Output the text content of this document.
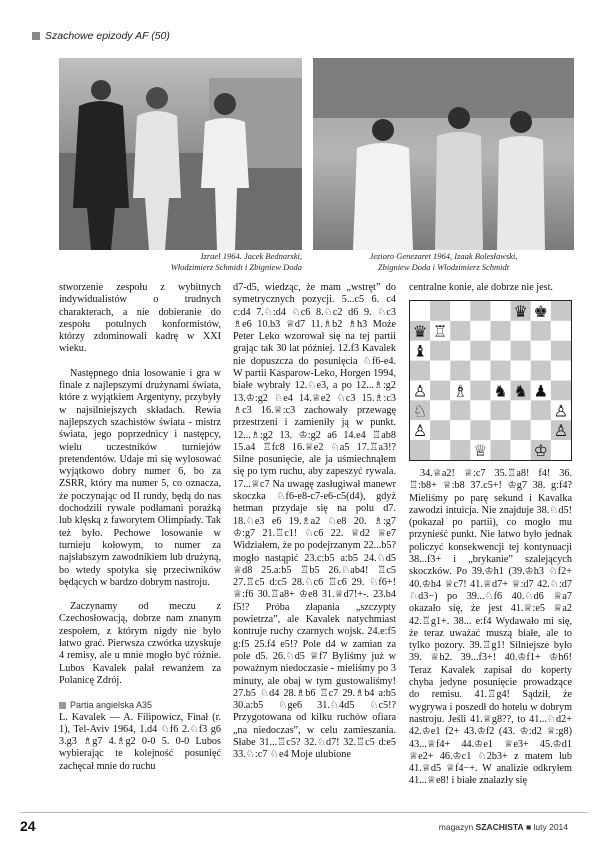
Szachowe epizody AF (50)
Izrael 1964. Jacek Bednarski,
Włodzimierz Schmidt i Zbigniew Doda
Jezioro Genezaret 1964, Izaak Bolesławski,
Zbigniew Doda i Włodzimierz Schmidt

stworzenie zespołu z wybitnych indywidualistów o trudnych charakterach, a nie dobieranie do zespołu potulnych konformistów, którzy zdominowali kadrę w XXI wieku.

Następnego dnia losowanie i gra w finale z najlepszymi drużynami świata, które z wyjątkiem Argentyny, przybyły w najsilniejszych składach. Rewia najlepszych szachistów świata - mistrz świata, jego poprzednicy i następcy, wielu uczestników turniejów pretendentów. Udaje mi się wylosować wyjątkowo dobry numer 6, bo za ZSRR, który ma numer 5, co oznacza, że poczynając od II rundy, będą do nas dochodzili rywale podłamani porażką lub klęską z faworytem Olimpiady. Tak też było. Pechowe losowanie w turnieju kołowym, to numer za najsłabszym zawodnikiem lub drużyną, bo wtedy spotyka się przeciwników będących w bardzo dobrym nastroju.

Zaczynamy od meczu z Czechosłowacją, dobrze nam znanym zespołem, z którym nigdy nie było łatwo grać. Pierwsza czwórka uzyskuje 4 remisy, ale u mnie mogło być różnie. Lubos Kavalek pałał rewanżem za Polanicę Zdrój.

Partia angielska A35

L. Kavalek — A. Filipowicz, Finał (r. 1), Tel-Aviv 1964, 1.d4 ♘f6 2.♘f3 g6 3.g3 ♗g7 4.♗g2 0-0 5. 0-0 Lubos wybierając te kolejność posunięć zachęcał mnie do ruchu

d7-d5, wiedząc, że mam „wstręt” do symetrycznych pozycji. 5...c5 6. c4 c:d4 7.♘:d4 ♘c6 8.♘c2 d6 9. ♘c3 ♗e6 10.b3 ♕d7 11.♗b2 ♗h3 Może Peter Leko wzorował się na tej partii grając tak 30 lat później. 12.f3 Kavalek nie dopuszcza do posunięcia ♘f6-e4. W partii Kasparow-Leko, Horgen 1994, białe wybrały 12.♘e3, a po 12...♗:g2 13.♔:g2 ♘e4 14.♕e2 ♘c3 15.♗:c3 ♗c3 16.♕:c3 zachowały przewagę przestrzeni i zamieniły ją w punkt. 12...♗:g2 13. ♔:g2 a6 14.e4 ♖ab8 15.a4 ♖fc8 16.♕e2 ♘a5 17.♖a3!? Silne posunięcie, ale ja uśmiechnąłem się po tym ruchu, aby zapeszyć rywala. 17...♕c7 Na uwagę zasługiwał manewr skoczka ♘f6-e8-c7-e6-c5(d4), gdyż hetman przydaje się na polu d7. 18.♘e3 e6 19.♗a2 ♘e8 20. ♗:g7 ♔:g7 21.♖c1! ♘c6 22. ♕d2 ♕e7 Widziałem, że po podejrzanym 22...b5? mogło nastąpić 23.c:b5 a:b5 24.♘d5 ♕d8 25.a:b5 ♖b5 26.♘ab4! ♖c5 27.♖c5 d:c5 28.♘c6 ♖c6 29. ♘f6+! ♕:f6 30.♖a8+ ♔e8 31.♕d7!+-. 23.b4 f5!? Próba złapania „szczypty powietrza”, ale Kavalek natychmiast kontruje ruchy czarnych wojsk. 24.e:f5 g:f5 25.f4 e5!? Pole d4 w zamian za pole d5. 26.♘d5 ♕f7 Byliśmy już w poważnym niedoczasie - mieliśmy po 3 minuty, ale obaj w tym gustowaliśmy! 27.b5 ♘d4 28.♗b6 ♖c7 29.♗b4 a:b5 30.a:b5 ♘ge6 31.♘4d5 ♘c5!? Przygotowana od kilku ruchów ofiara „na niedoczas”, w celu zamieszania. Słabe 31...♖c5? 32.♘d7! 32.♖c5 d:e5 33.♘:c7 ♘e4 Moje ulubione

centralne konie, ale dobrze nie jest.

♛ ♚
♛ ♖
♝
♙ ♗ ♞ ♞ ♟
♘	♙
♙	♙
♕	♔

34.♕a2! ♕:c7 35.♖a8! f4! 36. ♖:b8+ ♕:b8 37.c5+! ♔g7 38. g:f4? Mieliśmy po parę sekund i Kavalka zawodzi intuicja. Nie znajduje 38.♘d5! (pokazał po partii), co mogło mu przynieść punkt. Nie łatwo było jednak policzyć konsekwencji tej kontynuacji 38...f3+ i „brykanie” szalejących skoczków. Po 39.♔h1 (39.♔h3 ♘f2+ 40.♔h4 ♕c7! 41.♕d7+ ♕:d7 42.♘:d7 ♘d3−) po 39...♘f6 40.♘d6 ♕a7 okazało się, że jest 41.♕:e5 ♕a2 42.♖g1+. 38... e:f4 Wydawało mi się, że teraz uważać muszą białe, ale to tylko pozory. 39.♖g1! Silniejsze było 39. ♕b2. 39...f3+! 40.♔f1+ ♔h6! Teraz Kavalek zapisał do koperty chyba jedyne posunięcie prowadzące do remisu. 41.♖g4! Sądził, że wygrywa i poszedł do hotelu w dobrym nastroju. Jeśli 41.♕g8??, to 41...♘d2+ 42.♔e1 f2+ 43.♔f2 (43. ♔:d2 ♕:g8) 43...♕f4+ 44.♔e1 ♕e3+ 45.♔d1 ♕e2+ 46.♔c1 ♘2b3+ z matem lub 41.♕d5 ♕f4−+. W analizie odkryłem 41...♕e8! i białe znalazły się

24	magazyn SZACHISTA ■ luty 2014
